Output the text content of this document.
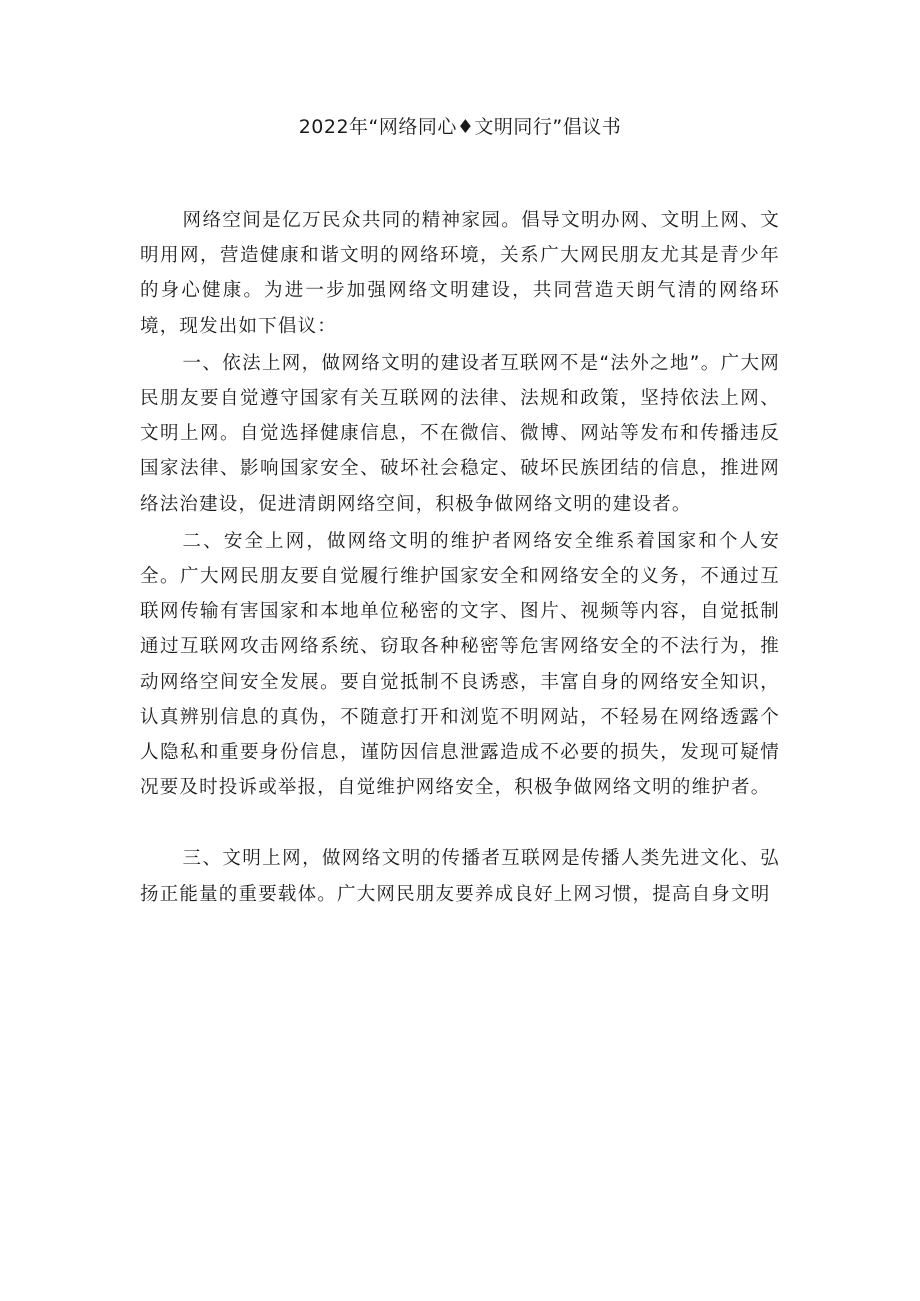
2022年“网络同心♦文明同行”倡议书

网络空间是亿万民众共同的精神家园。倡导文明办网、文明上网、文明用网，营造健康和谐文明的网络环境，关系广大网民朋友尤其是青少年的身心健康。为进一步加强网络文明建设，共同营造天朗气清的网络环境，现发出如下倡议：

一、依法上网，做网络文明的建设者互联网不是“法外之地”。广大网民朋友要自觉遵守国家有关互联网的法律、法规和政策，坚持依法上网、文明上网。自觉选择健康信息，不在微信、微博、网站等发布和传播违反国家法律、影响国家安全、破坏社会稳定、破坏民族团结的信息，推进网络法治建设，促进清朗网络空间，积极争做网络文明的建设者。

二、安全上网，做网络文明的维护者网络安全维系着国家和个人安全。广大网民朋友要自觉履行维护国家安全和网络安全的义务，不通过互联网传输有害国家和本地单位秘密的文字、图片、视频等内容，自觉抵制通过互联网攻击网络系统、窃取各种秘密等危害网络安全的不法行为，推动网络空间安全发展。要自觉抵制不良诱惑，丰富自身的网络安全知识，认真辨别信息的真伪，不随意打开和浏览不明网站，不轻易在网络透露个人隐私和重要身份信息，谨防因信息泄露造成不必要的损失，发现可疑情况要及时投诉或举报，自觉维护网络安全，积极争做网络文明的维护者。

三、文明上网，做网络文明的传播者互联网是传播人类先进文化、弘扬正能量的重要载体。广大网民朋友要养成良好上网习惯，提高自身文明
